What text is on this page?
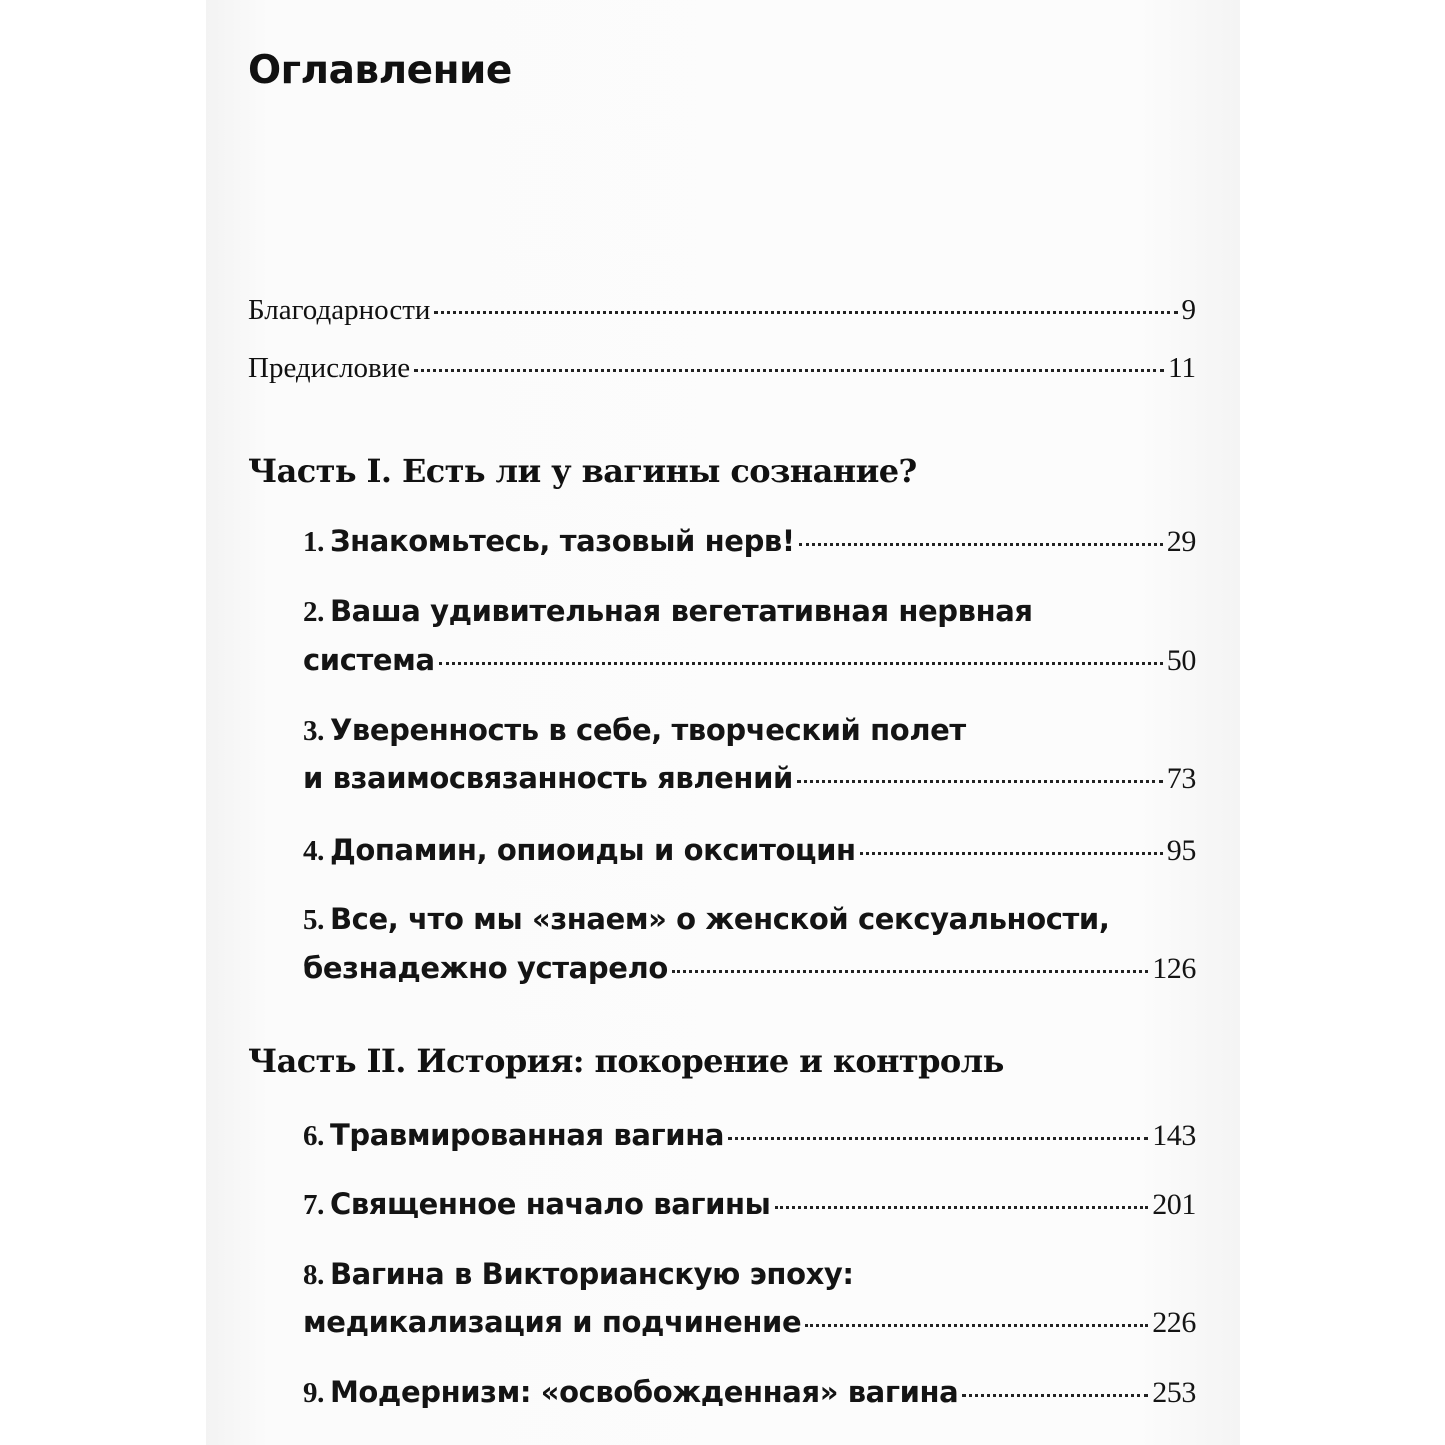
Оглавление
Благодарности	9
Предисловие	11
Часть I. Есть ли у вагины сознание?
1. Знакомьтесь, тазовый нерв!	29
2. Ваша удивительная вегетативная нервная
система	50
3. Уверенность в себе, творческий полет
и взаимосвязанность явлений	73
4. Допамин, опиоиды и окситоцин	95
5. Все, что мы «знаем» о женской сексуальности,
безнадежно устарело	126
Часть II. История: покорение и контроль
6. Травмированная вагина	143
7. Священное начало вагины	201
8. Вагина в Викторианскую эпоху:
медикализация и подчинение	226
9. Модернизм: «освобожденная» вагина	253
